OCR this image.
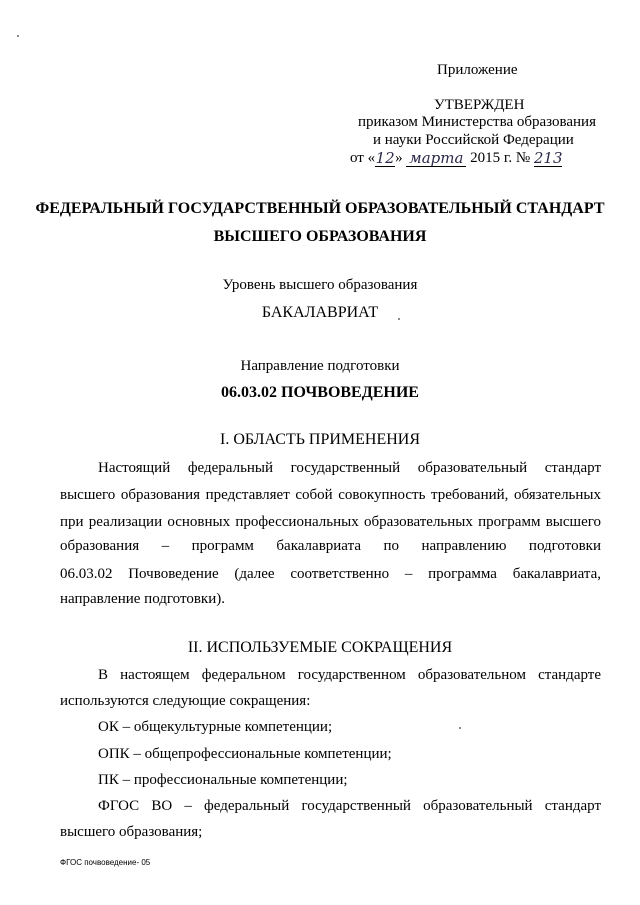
Приложение
УТВЕРЖДЕН
приказом Министерства образования
и науки Российской Федерации
от «12» марта 2015 г. № 213
ФЕДЕРАЛЬНЫЙ ГОСУДАРСТВЕННЫЙ ОБРАЗОВАТЕЛЬНЫЙ СТАНДАРТ
ВЫСШЕГО ОБРАЗОВАНИЯ
Уровень высшего образования
БАКАЛАВРИАТ
Направление подготовки
06.03.02 ПОЧВОВЕДЕНИЕ
I. ОБЛАСТЬ ПРИМЕНЕНИЯ
Настоящий федеральный государственный образовательный стандарт
высшего образования представляет собой совокупность требований, обязательных
при реализации основных профессиональных образовательных программ высшего
образования – программ бакалавриата по направлению подготовки
06.03.02 Почвоведение (далее соответственно – программа бакалавриата,
направление подготовки).
II. ИСПОЛЬЗУЕМЫЕ СОКРАЩЕНИЯ
В настоящем федеральном государственном образовательном стандарте
используются следующие сокращения:
ОК – общекультурные компетенции;
ОПК – общепрофессиональные компетенции;
ПК – профессиональные компетенции;
ФГОС ВО – федеральный государственный образовательный стандарт
высшего образования;
ФГОС почвоведение- 05
